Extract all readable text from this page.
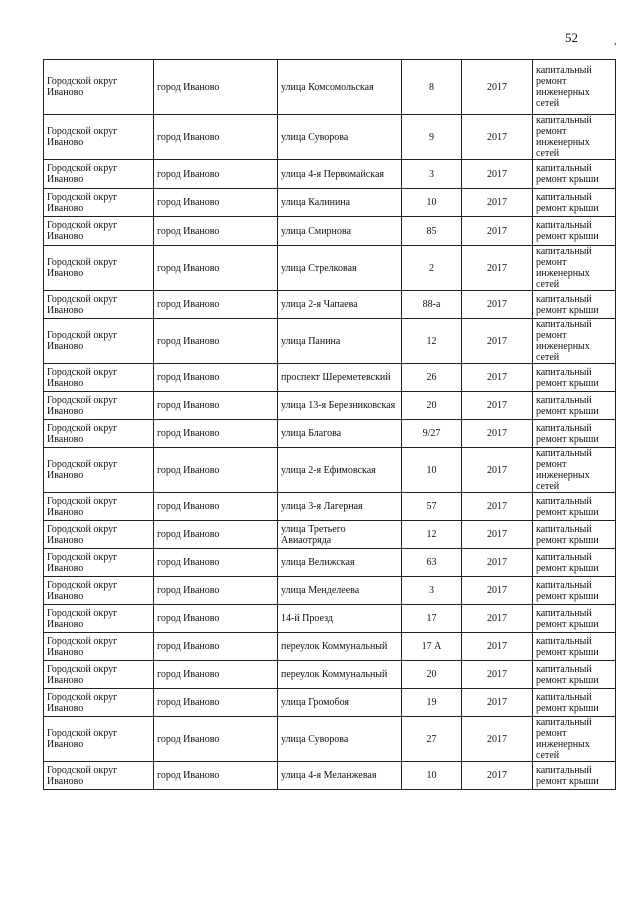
52	,
Городской округ Иваново	город Иваново	улица Комсомольская	8	2017	капитальный ремонт инженерных сетей
Городской округ Иваново	город Иваново	улица Суворова	9	2017	капитальный ремонт инженерных сетей
Городской округ Иваново	город Иваново	улица 4-я Первомайская	3	2017	капитальный ремонт крыши
Городской округ Иваново	город Иваново	улица Калинина	10	2017	капитальный ремонт крыши
Городской округ Иваново	город Иваново	улица Смирнова	85	2017	капитальный ремонт крыши
Городской округ Иваново	город Иваново	улица Стрелковая	2	2017	капитальный ремонт инженерных сетей
Городской округ Иваново	город Иваново	улица 2-я Чапаева	88-а	2017	капитальный ремонт крыши
Городской округ Иваново	город Иваново	улица Панина	12	2017	капитальный ремонт инженерных сетей
Городской округ Иваново	город Иваново	проспект Шереметевский	26	2017	капитальный ремонт крыши
Городской округ Иваново	город Иваново	улица 13-я Березниковская	20	2017	капитальный ремонт крыши
Городской округ Иваново	город Иваново	улица Благова	9/27	2017	капитальный ремонт крыши
Городской округ Иваново	город Иваново	улица 2-я Ефимовская	10	2017	капитальный ремонт инженерных сетей
Городской округ Иваново	город Иваново	улица 3-я Лагерная	57	2017	капитальный ремонт крыши
Городской округ Иваново	город Иваново	улица Третьего Авиаотряда	12	2017	капитальный ремонт крыши
Городской округ Иваново	город Иваново	улица Велижская	63	2017	капитальный ремонт крыши
Городской округ Иваново	город Иваново	улица Менделеева	3	2017	капитальный ремонт крыши
Городской округ Иваново	город Иваново	14-й Проезд	17	2017	капитальный ремонт крыши
Городской округ Иваново	город Иваново	переулок Коммунальный	17 А	2017	капитальный ремонт крыши
Городской округ Иваново	город Иваново	переулок Коммунальный	20	2017	капитальный ремонт крыши
Городской округ Иваново	город Иваново	улица Громобоя	19	2017	капитальный ремонт крыши
Городской округ Иваново	город Иваново	улица Суворова	27	2017	капитальный ремонт инженерных сетей
Городской округ Иваново	город Иваново	улица 4-я Меланжевая	10	2017	капитальный ремонт крыши
